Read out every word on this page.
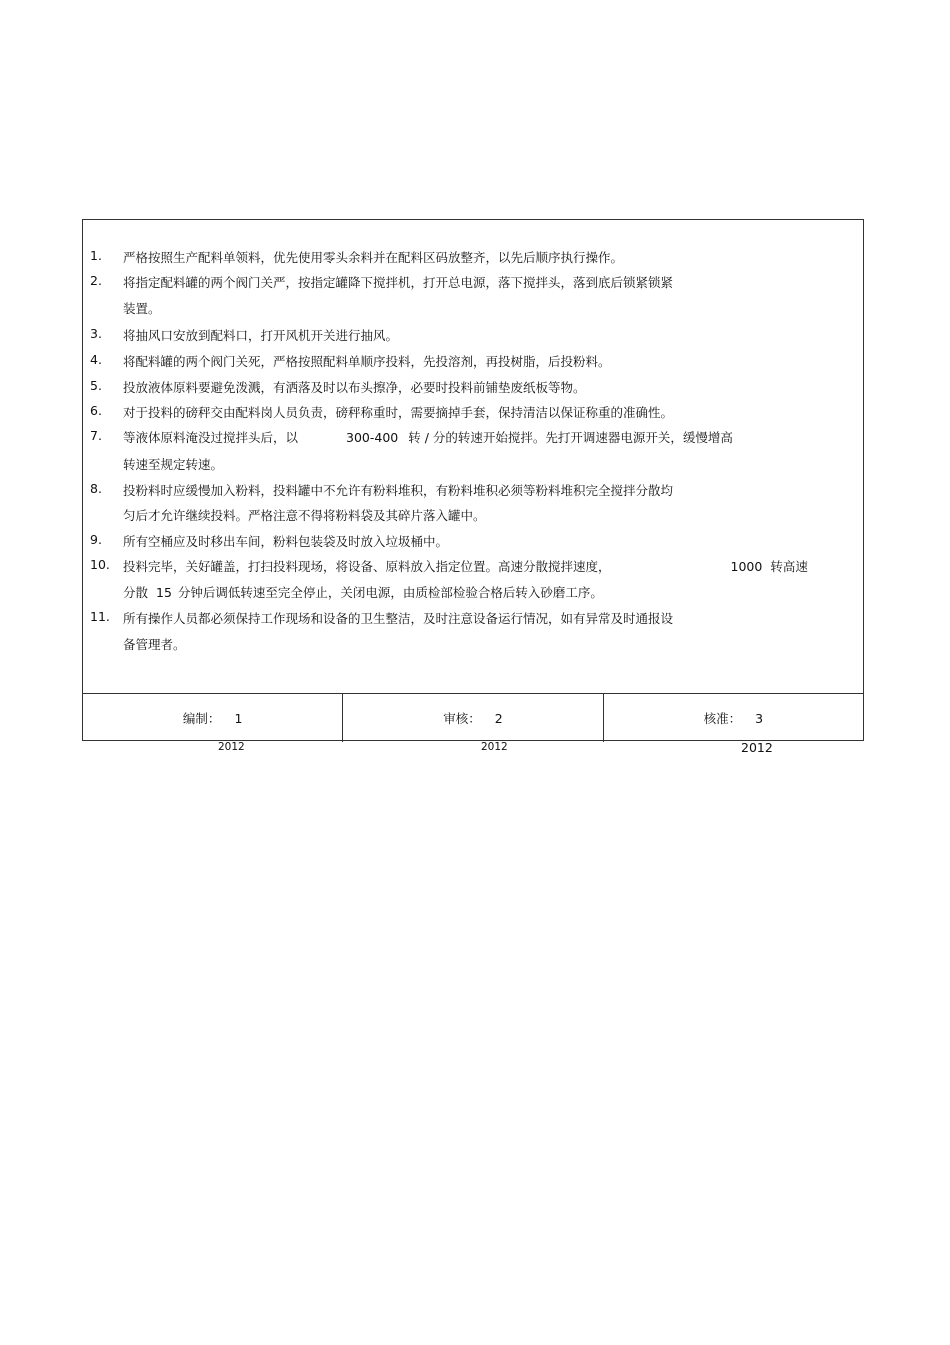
1.	严格按照生产配料单领料，优先使用零头余料并在配料区码放整齐，以先后顺序执行操作。
2.	将指定配料罐的两个阀门关严，按指定罐降下搅拌机，打开总电源，落下搅拌头，落到底后锁紧锁紧
装置。
3.	将抽风口安放到配料口，打开风机开关进行抽风。
4.	将配料罐的两个阀门关死，严格按照配料单顺序投料，先投溶剂，再投树脂，后投粉料。
5.	投放液体原料要避免泼溅，有洒落及时以布头擦净，必要时投料前铺垫废纸板等物。
6.	对于投料的磅秤交由配料岗人员负责，磅秤称重时，需要摘掉手套，保持清洁以保证称重的准确性。
7.	等液体原料淹没过搅拌头后，以	300-400 转 / 分的转速开始搅拌。先打开调速器电源开关，缓慢增高
转速至规定转速。
8.	投粉料时应缓慢加入粉料，投料罐中不允许有粉料堆积，有粉料堆积必须等粉料堆积完全搅拌分散均
匀后才允许继续投料。严格注意不得将粉料袋及其碎片落入罐中。
9.	所有空桶应及时移出车间，粉料包装袋及时放入垃圾桶中。
10.	投料完毕，关好罐盖，打扫投料现场，将设备、原料放入指定位置。高速分散搅拌速度，	1000 转高速
分散 15 分钟后调低转速至完全停止，关闭电源，由质检部检验合格后转入砂磨工序。
11.	所有操作人员都必须保持工作现场和设备的卫生整洁，及时注意设备运行情况，如有异常及时通报设
备管理者。
编制： 1	审核： 2	核准： 3
2012	2012	2012
